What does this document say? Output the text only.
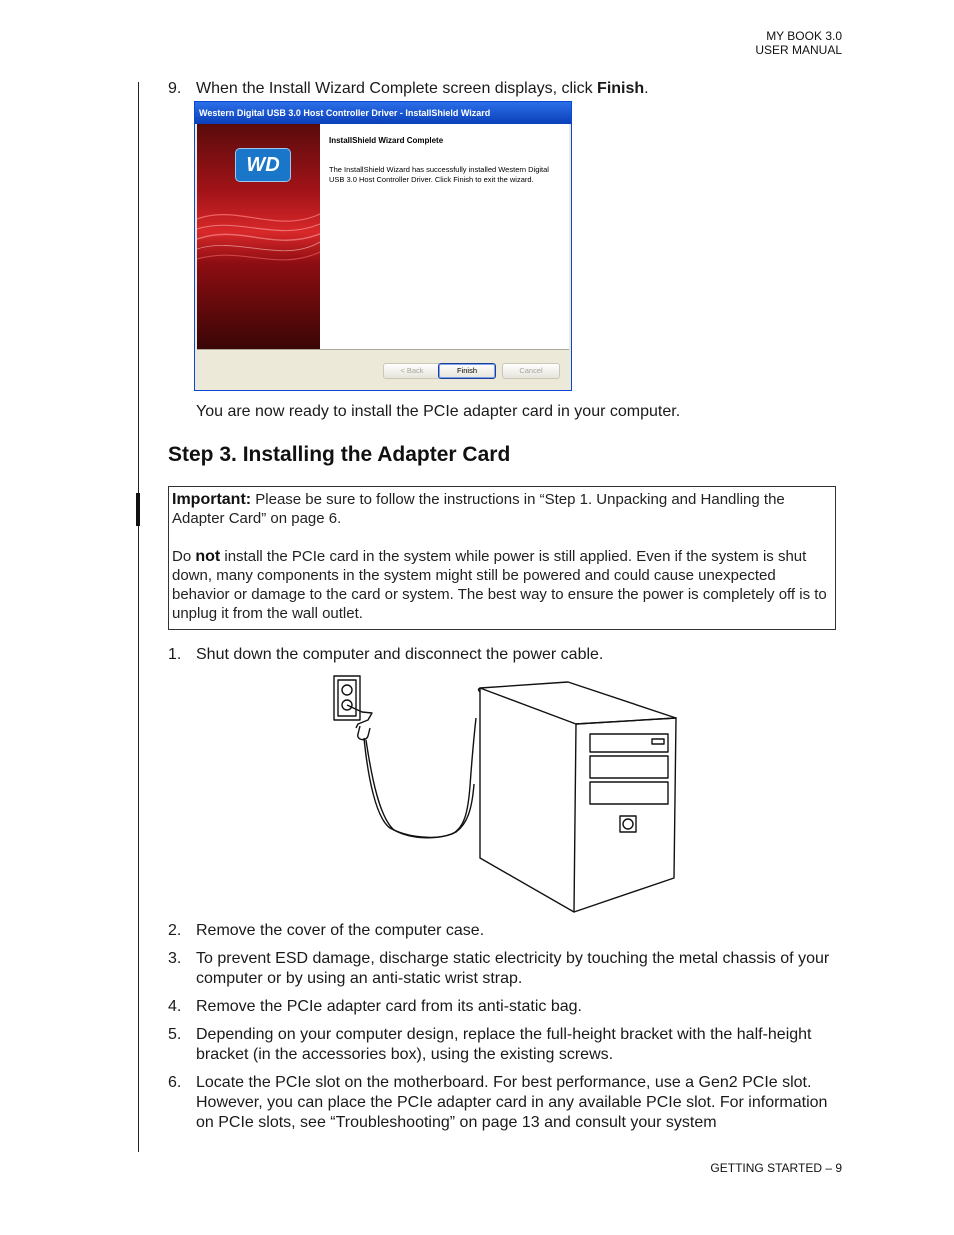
MY BOOK 3.0
USER MANUAL
9. When the Install Wizard Complete screen displays, click Finish.
Western Digital USB 3.0 Host Controller Driver - InstallShield Wizard
WD
InstallShield Wizard Complete
The InstallShield Wizard has successfully installed Western Digital USB 3.0 Host Controller Driver. Click Finish to exit the wizard.
< Back	Finish	Cancel
You are now ready to install the PCIe adapter card in your computer.
Step 3. Installing the Adapter Card

Important: Please be sure to follow the instructions in “Step 1. Unpacking and Handling the Adapter Card” on page 6.

Do not install the PCIe card in the system while power is still applied. Even if the system is shut down, many components in the system might still be powered and could cause unexpected behavior or damage to the card or system. The best way to ensure the power is completely off is to unplug it from the wall outlet.

1. Shut down the computer and disconnect the power cable.
2. Remove the cover of the computer case.
3. To prevent ESD damage, discharge static electricity by touching the metal chassis of your computer or by using an anti-static wrist strap.
4. Remove the PCIe adapter card from its anti-static bag.
5. Depending on your computer design, replace the full-height bracket with the half-height bracket (in the accessories box), using the existing screws.
6. Locate the PCIe slot on the motherboard. For best performance, use a Gen2 PCIe slot. However, you can place the PCIe adapter card in any available PCIe slot. For information on PCIe slots, see “Troubleshooting” on page 13 and consult your system
GETTING STARTED – 9
